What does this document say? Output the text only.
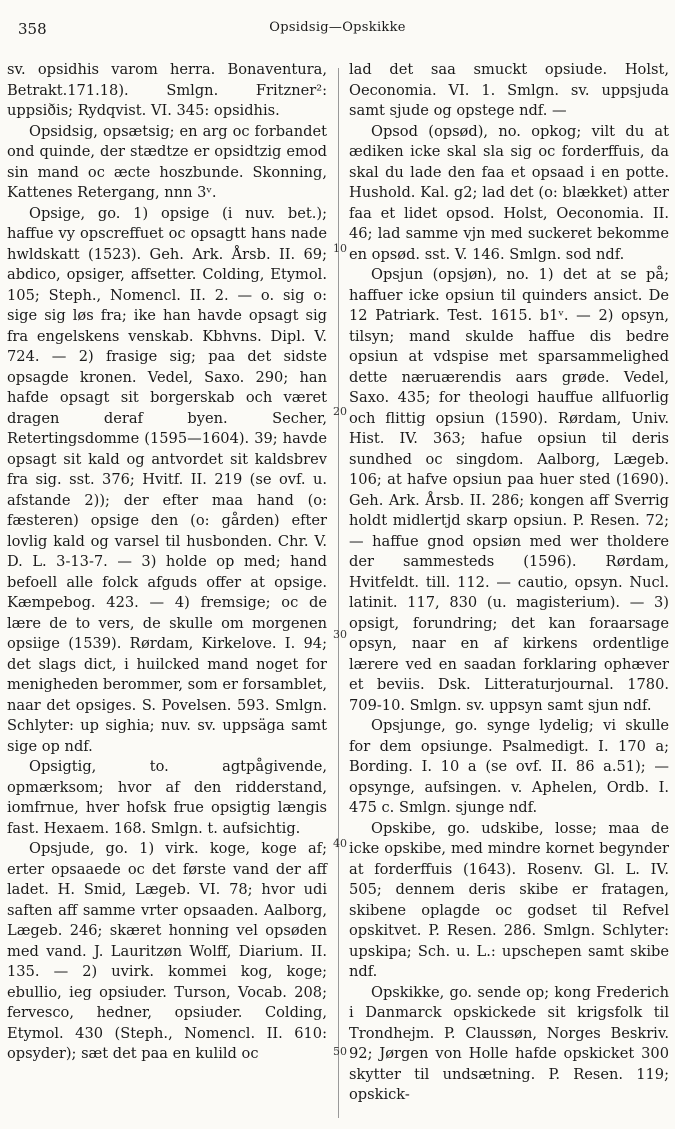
358	Opsidsig—Opskikke
10
20
30
40
50

sv. opsidhis varom herra. Bonaventura, Betrakt.171.18). Smlgn. Fritzner²: uppsiðis; Rydqvist. VI. 345: opsidhis.

Opsidsig, opsætsig; en arg oc forbandet ond quinde, der stædtze er opsidtzig emod sin mand oc æcte hoszbunde. Skonning, Kattenes Retergang, nnn 3ᵛ.

Opsige, go. 1) opsige (i nuv. bet.); haffue vy opscreffuet oc opsagtt hans nade hwldskatt (1523). Geh. Ark. Årsb. II. 69; abdico, opsiger, affsetter. Colding, Etymol. 105; Steph., Nomencl. II. 2. — o. sig o: sige sig løs fra; ike han havde opsagt sig fra engelskens venskab. Kbhvns. Dipl. V. 724. — 2) frasige sig; paa det sidste opsagde kronen. Vedel, Saxo. 290; han hafde opsagt sit borgerskab och været dragen deraf byen. Secher, Retertingsdomme (1595—1604). 39; havde opsagt sit kald og antvordet sit kaldsbrev fra sig. sst. 376; Hvitf. II. 219 (se ovf. u. afstande 2)); der efter maa hand (o: fæsteren) opsige den (o: gården) efter lovlig kald og varsel til husbonden. Chr. V. D. L. 3-13-7. — 3) holde op med; hand befoell alle folck afguds offer at opsige. Kæmpebog. 423. — 4) fremsige; oc de lære de to vers, de skulle om morgenen opsiige (1539). Rørdam, Kirkelove. I. 94; det slags dict, i huilcked mand noget for menigheden berommer, som er forsamblet, naar det opsiges. S. Povelsen. 593. Smlgn. Schlyter: up sighia; nuv. sv. uppsäga samt sige op ndf.

Opsigtig, to. agtpågivende, opmærksom; hvor af den ridderstand, iomfrnue, hver hofsk frue opsigtig længis fast. Hexaem. 168. Smlgn. t. aufsichtig.

Opsjude, go. 1) virk. koge, koge af; erter opsaaede oc det første vand der aff ladet. H. Smid, Lægeb. VI. 78; hvor udi saften aff samme vrter opsaaden. Aalborg, Lægeb. 246; skæret honning vel opsøden med vand. J. Lauritzøn Wolff, Diarium. II. 135. — 2) uvirk. kommei kog, koge; ebullio, ieg opsiuder. Turson, Vocab. 208; fervesco, hedner, opsiuder. Colding, Etymol. 430 (Steph., Nomencl. II. 610: opsyder); sæt det paa en kulild oc

lad det saa smuckt opsiude. Holst, Oeconomia. VI. 1. Smlgn. sv. uppsjuda samt sjude og opstege ndf. —

Opsod (opsød), no. opkog; vilt du at ædiken icke skal sla sig oc forderffuis, da skal du lade den faa et opsaad i en potte. Hushold. Kal. g2; lad det (o: blækket) atter faa et lidet opsod. Holst, Oeconomia. II. 46; lad samme vjn med suckeret bekomme en opsød. sst. V. 146. Smlgn. sod ndf.

Opsjun (opsjøn), no. 1) det at se på; haffuer icke opsiun til quinders ansict. De 12 Patriark. Test. 1615. b1ᵛ. — 2) opsyn, tilsyn; mand skulde haffue dis bedre opsiun at vdspise met sparsammelighed dette næruærendis aars grøde. Vedel, Saxo. 435; for theologi hauffue allfuorlig och flittig opsiun (1590). Rørdam, Univ. Hist. IV. 363; hafue opsiun til deris sundhed oc singdom. Aalborg, Lægeb. 106; at hafve opsiun paa huer sted (1690). Geh. Ark. Årsb. II. 286; kongen aff Sverrig holdt midlertjd skarp opsiun. P. Resen. 72; — haffue gnod opsiøn med wer tholdere der sammesteds (1596). Rørdam, Hvitfeldt. till. 112. — cautio, opsyn. Nucl. latinit. 117, 830 (u. magisterium). — 3) opsigt, forundring; det kan foraarsage opsyn, naar en af kirkens ordentlige lærere ved en saadan forklaring ophæver et beviis. Dsk. Litteraturjournal. 1780. 709-10. Smlgn. sv. uppsyn samt sjun ndf.

Opsjunge, go. synge lydelig; vi skulle for dem opsiunge. Psalmedigt. I. 170 a; Bording. I. 10 a (se ovf. II. 86 a.51); — opsynge, aufsingen. v. Aphelen, Ordb. I. 475 c. Smlgn. sjunge ndf.

Opskibe, go. udskibe, losse; maa de icke opskibe, med mindre kornet begynder at forderffuis (1643). Rosenv. Gl. L. IV. 505; dennem deris skibe er fratagen, skibene oplagde oc godset til Refvel opskitvet. P. Resen. 286. Smlgn. Schlyter: upskipa; Sch. u. L.: upschepen samt skibe ndf.

Opskikke, go. sende op; kong Frederich i Danmarck opskickede sit krigsfolk til Trondhejm. P. Claussøn, Norges Beskriv. 92; Jørgen von Holle hafde opskicket 300 skytter til undsætning. P. Resen. 119; opskick-
